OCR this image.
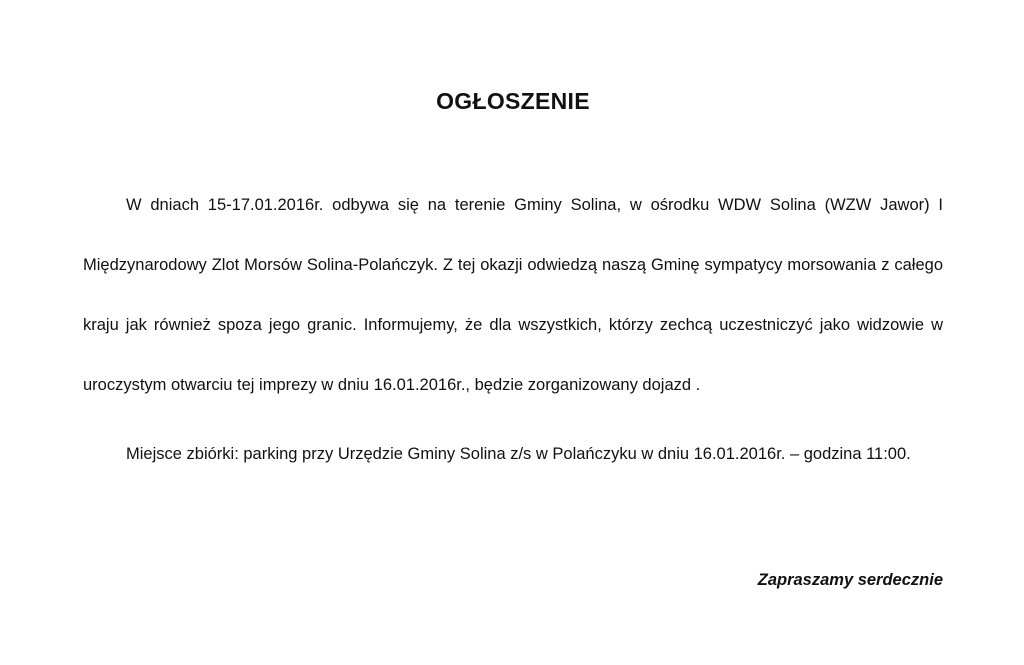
OGŁOSZENIE

W dniach 15-17.01.2016r. odbywa się na terenie Gminy Solina, w ośrodku WDW Solina (WZW Jawor) I Międzynarodowy Zlot Morsów Solina-Polańczyk. Z tej okazji odwiedzą naszą Gminę sympatycy morsowania z całego kraju jak również spoza jego granic. Informujemy, że dla wszystkich, którzy zechcą uczestniczyć jako widzowie w uroczystym otwarciu tej imprezy w dniu 16.01.2016r., będzie zorganizowany dojazd .

Miejsce zbiórki: parking przy Urzędzie Gminy Solina z/s w Polańczyku w dniu 16.01.2016r. – godzina 11:00.

Zapraszamy serdecznie
